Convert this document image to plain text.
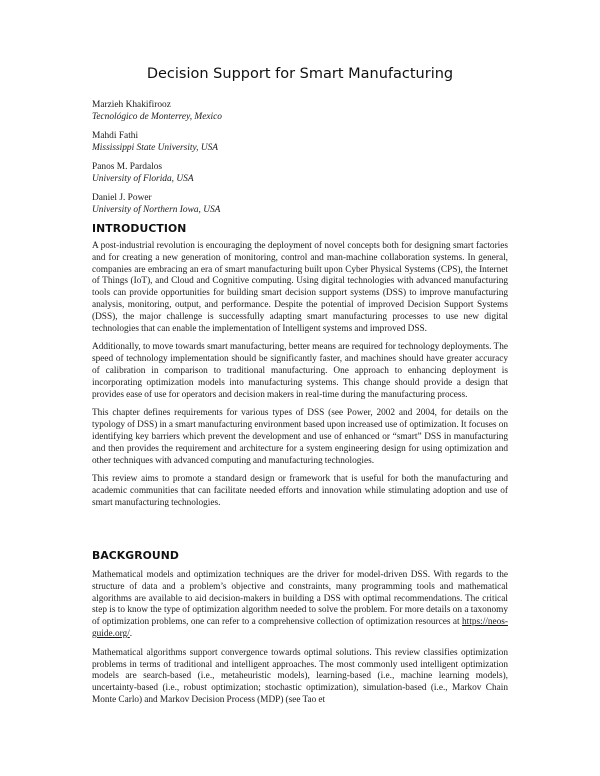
Decision Support for Smart Manufacturing
Marzieh Khakifirooz
Tecnológico de Monterrey, Mexico
Mahdi Fathi
Mississippi State University, USA
Panos M. Pardalos
University of Florida, USA
Daniel J. Power
University of Northern Iowa, USA
INTRODUCTION

A post-industrial revolution is encouraging the deployment of novel concepts both for designing smart factories and for creating a new generation of monitoring, control and man-machine collaboration systems. In general, companies are embracing an era of smart manufacturing built upon Cyber Physical Systems (CPS), the Internet of Things (IoT), and Cloud and Cognitive computing. Using digital technologies with advanced manufacturing tools can provide opportunities for building smart decision support systems (DSS) to improve manufacturing analysis, monitoring, output, and performance. Despite the potential of improved Decision Support Systems (DSS), the major challenge is successfully adapting smart manufacturing processes to use new digital technologies that can enable the implementation of Intelligent systems and improved DSS.

Additionally, to move towards smart manufacturing, better means are required for technology deployments. The speed of technology implementation should be significantly faster, and machines should have greater accuracy of calibration in comparison to traditional manufacturing. One approach to enhancing deployment is incorporating optimization models into manufacturing systems. This change should provide a design that provides ease of use for operators and decision makers in real-time during the manufacturing process.

This chapter defines requirements for various types of DSS (see Power, 2002 and 2004, for details on the typology of DSS) in a smart manufacturing environment based upon increased use of optimization. It focuses on identifying key barriers which prevent the development and use of enhanced or “smart” DSS in manufacturing and then provides the requirement and architecture for a system engineering design for using optimization and other techniques with advanced computing and manufacturing technologies.

This review aims to promote a standard design or framework that is useful for both the manufacturing and academic communities that can facilitate needed efforts and innovation while stimulating adoption and use of smart manufacturing technologies.

BACKGROUND

Mathematical models and optimization techniques are the driver for model-driven DSS. With regards to the structure of data and a problem’s objective and constraints, many programming tools and mathematical algorithms are available to aid decision-makers in building a DSS with optimal recommendations. The critical step is to know the type of optimization algorithm needed to solve the problem. For more details on a taxonomy of optimization problems, one can refer to a comprehensive collection of optimization resources at https://neos-guide.org/.

Mathematical algorithms support convergence towards optimal solutions. This review classifies optimization problems in terms of traditional and intelligent approaches. The most commonly used intelligent optimization models are search-based (i.e., metaheuristic models), learning-based (i.e., machine learning models), uncertainty-based (i.e., robust optimization; stochastic optimization), simulation-based (i.e., Markov Chain Monte Carlo) and Markov Decision Process (MDP) (see Tao et
